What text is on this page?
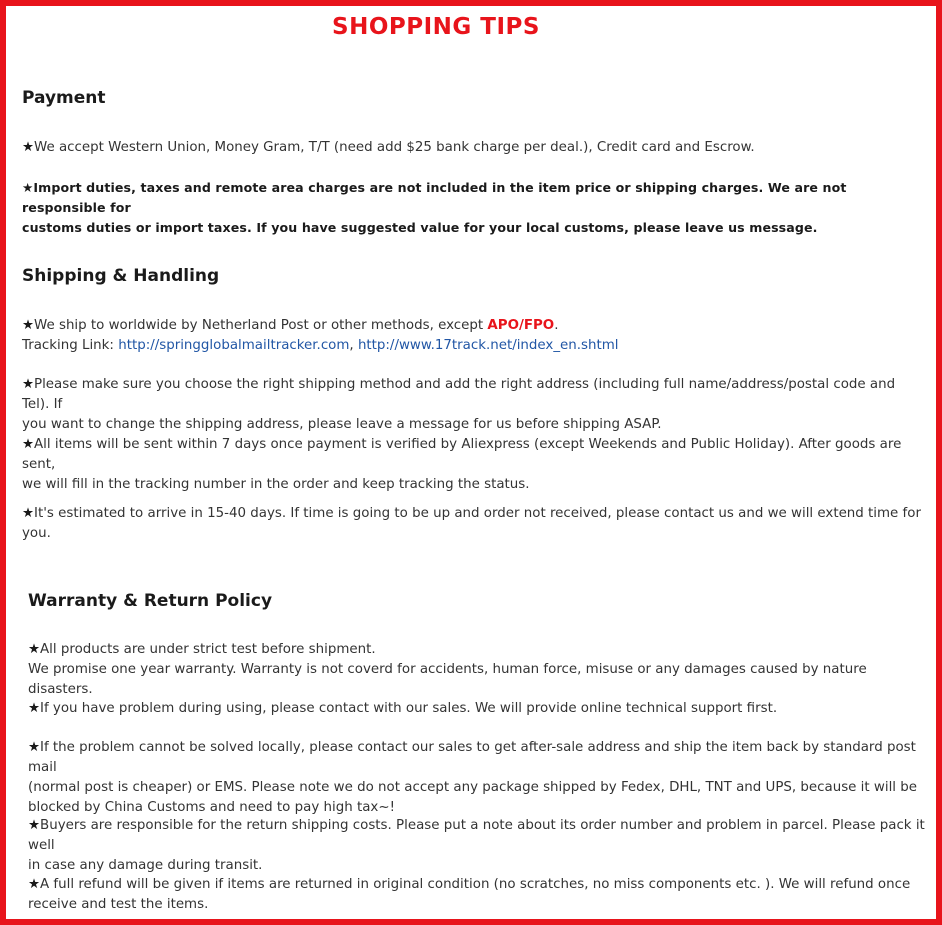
SHOPPING TIPS
Payment
★We accept Western Union, Money Gram, T/T (need add $25 bank charge per deal.), Credit card and Escrow.
★Import duties, taxes and remote area charges are not included in the item price or shipping charges. We are not responsible for
customs duties or import taxes. If you have suggested value for your local customs, please leave us message.
Shipping & Handling
★We ship to worldwide by Netherland Post or other methods, except APO/FPO.
Tracking Link: http://springglobalmailtracker.com, http://www.17track.net/index_en.shtml
★Please make sure you choose the right shipping method and add the right address (including full name/address/postal code and Tel). If
you want to change the shipping address, please leave a message for us before shipping ASAP.
★All items will be sent within 7 days once payment is verified by Aliexpress (except Weekends and Public Holiday). After goods are sent,
we will fill in the tracking number in the order and keep tracking the status.
★It's estimated to arrive in 15-40 days. If time is going to be up and order not received, please contact us and we will extend time for
you.
Warranty & Return Policy
★All products are under strict test before shipment.
We promise one year warranty. Warranty is not coverd for accidents, human force, misuse or any damages caused by nature disasters.
★If you have problem during using, please contact with our sales. We will provide online technical support first.
★If the problem cannot be solved locally, please contact our sales to get after-sale address and ship the item back by standard post mail
(normal post is cheaper) or EMS. Please note we do not accept any package shipped by Fedex, DHL, TNT and UPS, because it will be
blocked by China Customs and need to pay high tax~!
★Buyers are responsible for the return shipping costs. Please put a note about its order number and problem in parcel. Please pack it well
in case any damage during transit.
★A full refund will be given if items are returned in original condition (no scratches, no miss components etc. ). We will refund once
receive and test the items.
